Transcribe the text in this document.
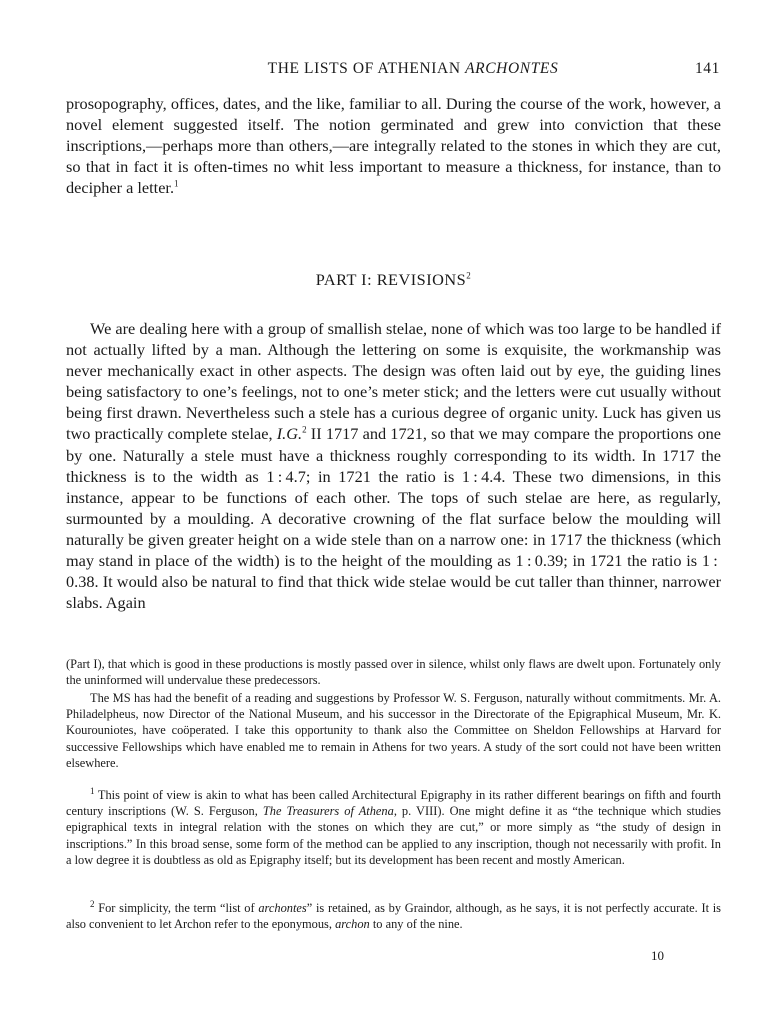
THE LISTS OF ATHENIAN ARCHONTES	141

prosopography, offices, dates, and the like, familiar to all. During the course of the work, however, a novel element suggested itself. The notion germinated and grew into conviction that these inscriptions,—perhaps more than others,—are integrally related to the stones in which they are cut, so that in fact it is often-times no whit less important to measure a thickness, for instance, than to decipher a letter.$^1$

PART I: REVISIONS$^2$

We are dealing here with a group of smallish stelae, none of which was too large to be handled if not actually lifted by a man. Although the lettering on some is exquisite, the workmanship was never mechanically exact in other aspects. The design was often laid out by eye, the guiding lines being satisfactory to one’s feelings, not to one’s meter stick; and the letters were cut usually without being first drawn. Nevertheless such a stele has a curious degree of organic unity. Luck has given us two practically complete stelae, I.G.$^2$ II 1717 and 1721, so that we may compare the proportions one by one. Naturally a stele must have a thickness roughly corresponding to its width. In 1717 the thickness is to the width as 1 : 4.7; in 1721 the ratio is 1 : 4.4. These two dimensions, in this instance, appear to be functions of each other. The tops of such stelae are here, as regularly, surmounted by a moulding. A decorative crowning of the flat surface below the moulding will naturally be given greater height on a wide stele than on a narrow one: in 1717 the thickness (which may stand in place of the width) is to the height of the moulding as 1 : 0.39; in 1721 the ratio is 1 : 0.38. It would also be natural to find that thick wide stelae would be cut taller than thinner, narrower slabs. Again

(Part I), that which is good in these productions is mostly passed over in silence, whilst only flaws are dwelt upon. Fortunately only the uninformed will undervalue these predecessors.

The MS has had the benefit of a reading and suggestions by Professor W. S. Ferguson, naturally without commitments. Mr. A. Philadelpheus, now Director of the National Museum, and his successor in the Directorate of the Epigraphical Museum, Mr. K. Kourouniotes, have coöperated. I take this opportunity to thank also the Committee on Sheldon Fellowships at Harvard for successive Fellowships which have enabled me to remain in Athens for two years. A study of the sort could not have been written elsewhere.

$^1$ This point of view is akin to what has been called Architectural Epigraphy in its rather different bearings on fifth and fourth century inscriptions (W. S. Ferguson, The Treasurers of Athena, p. VIII). One might define it as “the technique which studies epigraphical texts in integral relation with the stones on which they are cut,” or more simply as “the study of design in inscriptions.” In this broad sense, some form of the method can be applied to any inscription, though not necessarily with profit. In a low degree it is doubtless as old as Epigraphy itself; but its development has been recent and mostly American.

$^2$ For simplicity, the term “list of archontes” is retained, as by Graindor, although, as he says, it is not perfectly accurate. It is also convenient to let Archon refer to the eponymous, archon to any of the nine.

10
